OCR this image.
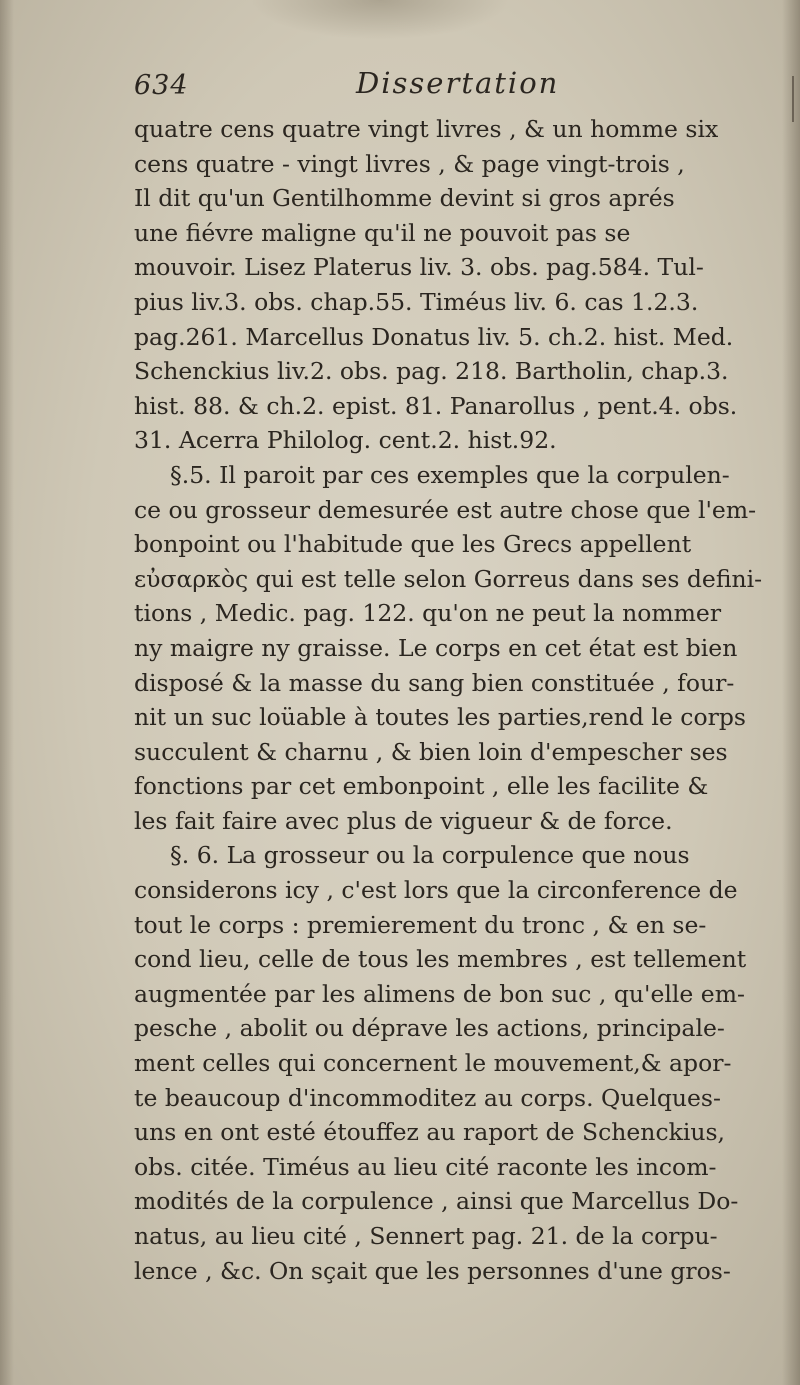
634	Dissertation
quatre cens quatre vingt livres , & un homme six
cens quatre - vingt livres , & page vingt-trois ,
Il dit qu'un Gentilhomme devint si gros aprés
une fiévre maligne qu'il ne pouvoit pas se
mouvoir. Lisez Platerus liv. 3. obs. pag.584. Tul-
pius liv.3. obs. chap.55. Timéus liv. 6. cas 1.2.3.
pag.261. Marcellus Donatus liv. 5. ch.2. hist. Med.
Schenckius liv.2. obs. pag. 218. Bartholin, chap.3.
hist. 88. & ch.2. epist. 81. Panarollus , pent.4. obs.
31. Acerra Philolog. cent.2. hist.92.
§.5. Il paroit par ces exemples que la corpulen-
ce ou grosseur demesurée est autre chose que l'em-
bonpoint ou l'habitude que les Grecs appellent
εὐσαρκὸς qui est telle selon Gorreus dans ses defini-
tions , Medic. pag. 122. qu'on ne peut la nommer
ny maigre ny graisse. Le corps en cet état est bien
disposé & la masse du sang bien constituée , four-
nit un suc loüable à toutes les parties,rend le corps
succulent & charnu , & bien loin d'empescher ses
fonctions par cet embonpoint , elle les facilite &
les fait faire avec plus de vigueur & de force.
§. 6. La grosseur ou la corpulence que nous
considerons icy , c'est lors que la circonference de
tout le corps : premierement du tronc , & en se-
cond lieu, celle de tous les membres , est tellement
augmentée par les alimens de bon suc , qu'elle em-
pesche , abolit ou déprave les actions, principale-
ment celles qui concernent le mouvement,& apor-
te beaucoup d'incommoditez au corps. Quelques-
uns en ont esté étouffez au raport de Schenckius,
obs. citée. Timéus au lieu cité raconte les incom-
modités de la corpulence , ainsi que Marcellus Do-
natus, au lieu cité , Sennert pag. 21. de la corpu-
lence , &c. On sçait que les personnes d'une gros-
